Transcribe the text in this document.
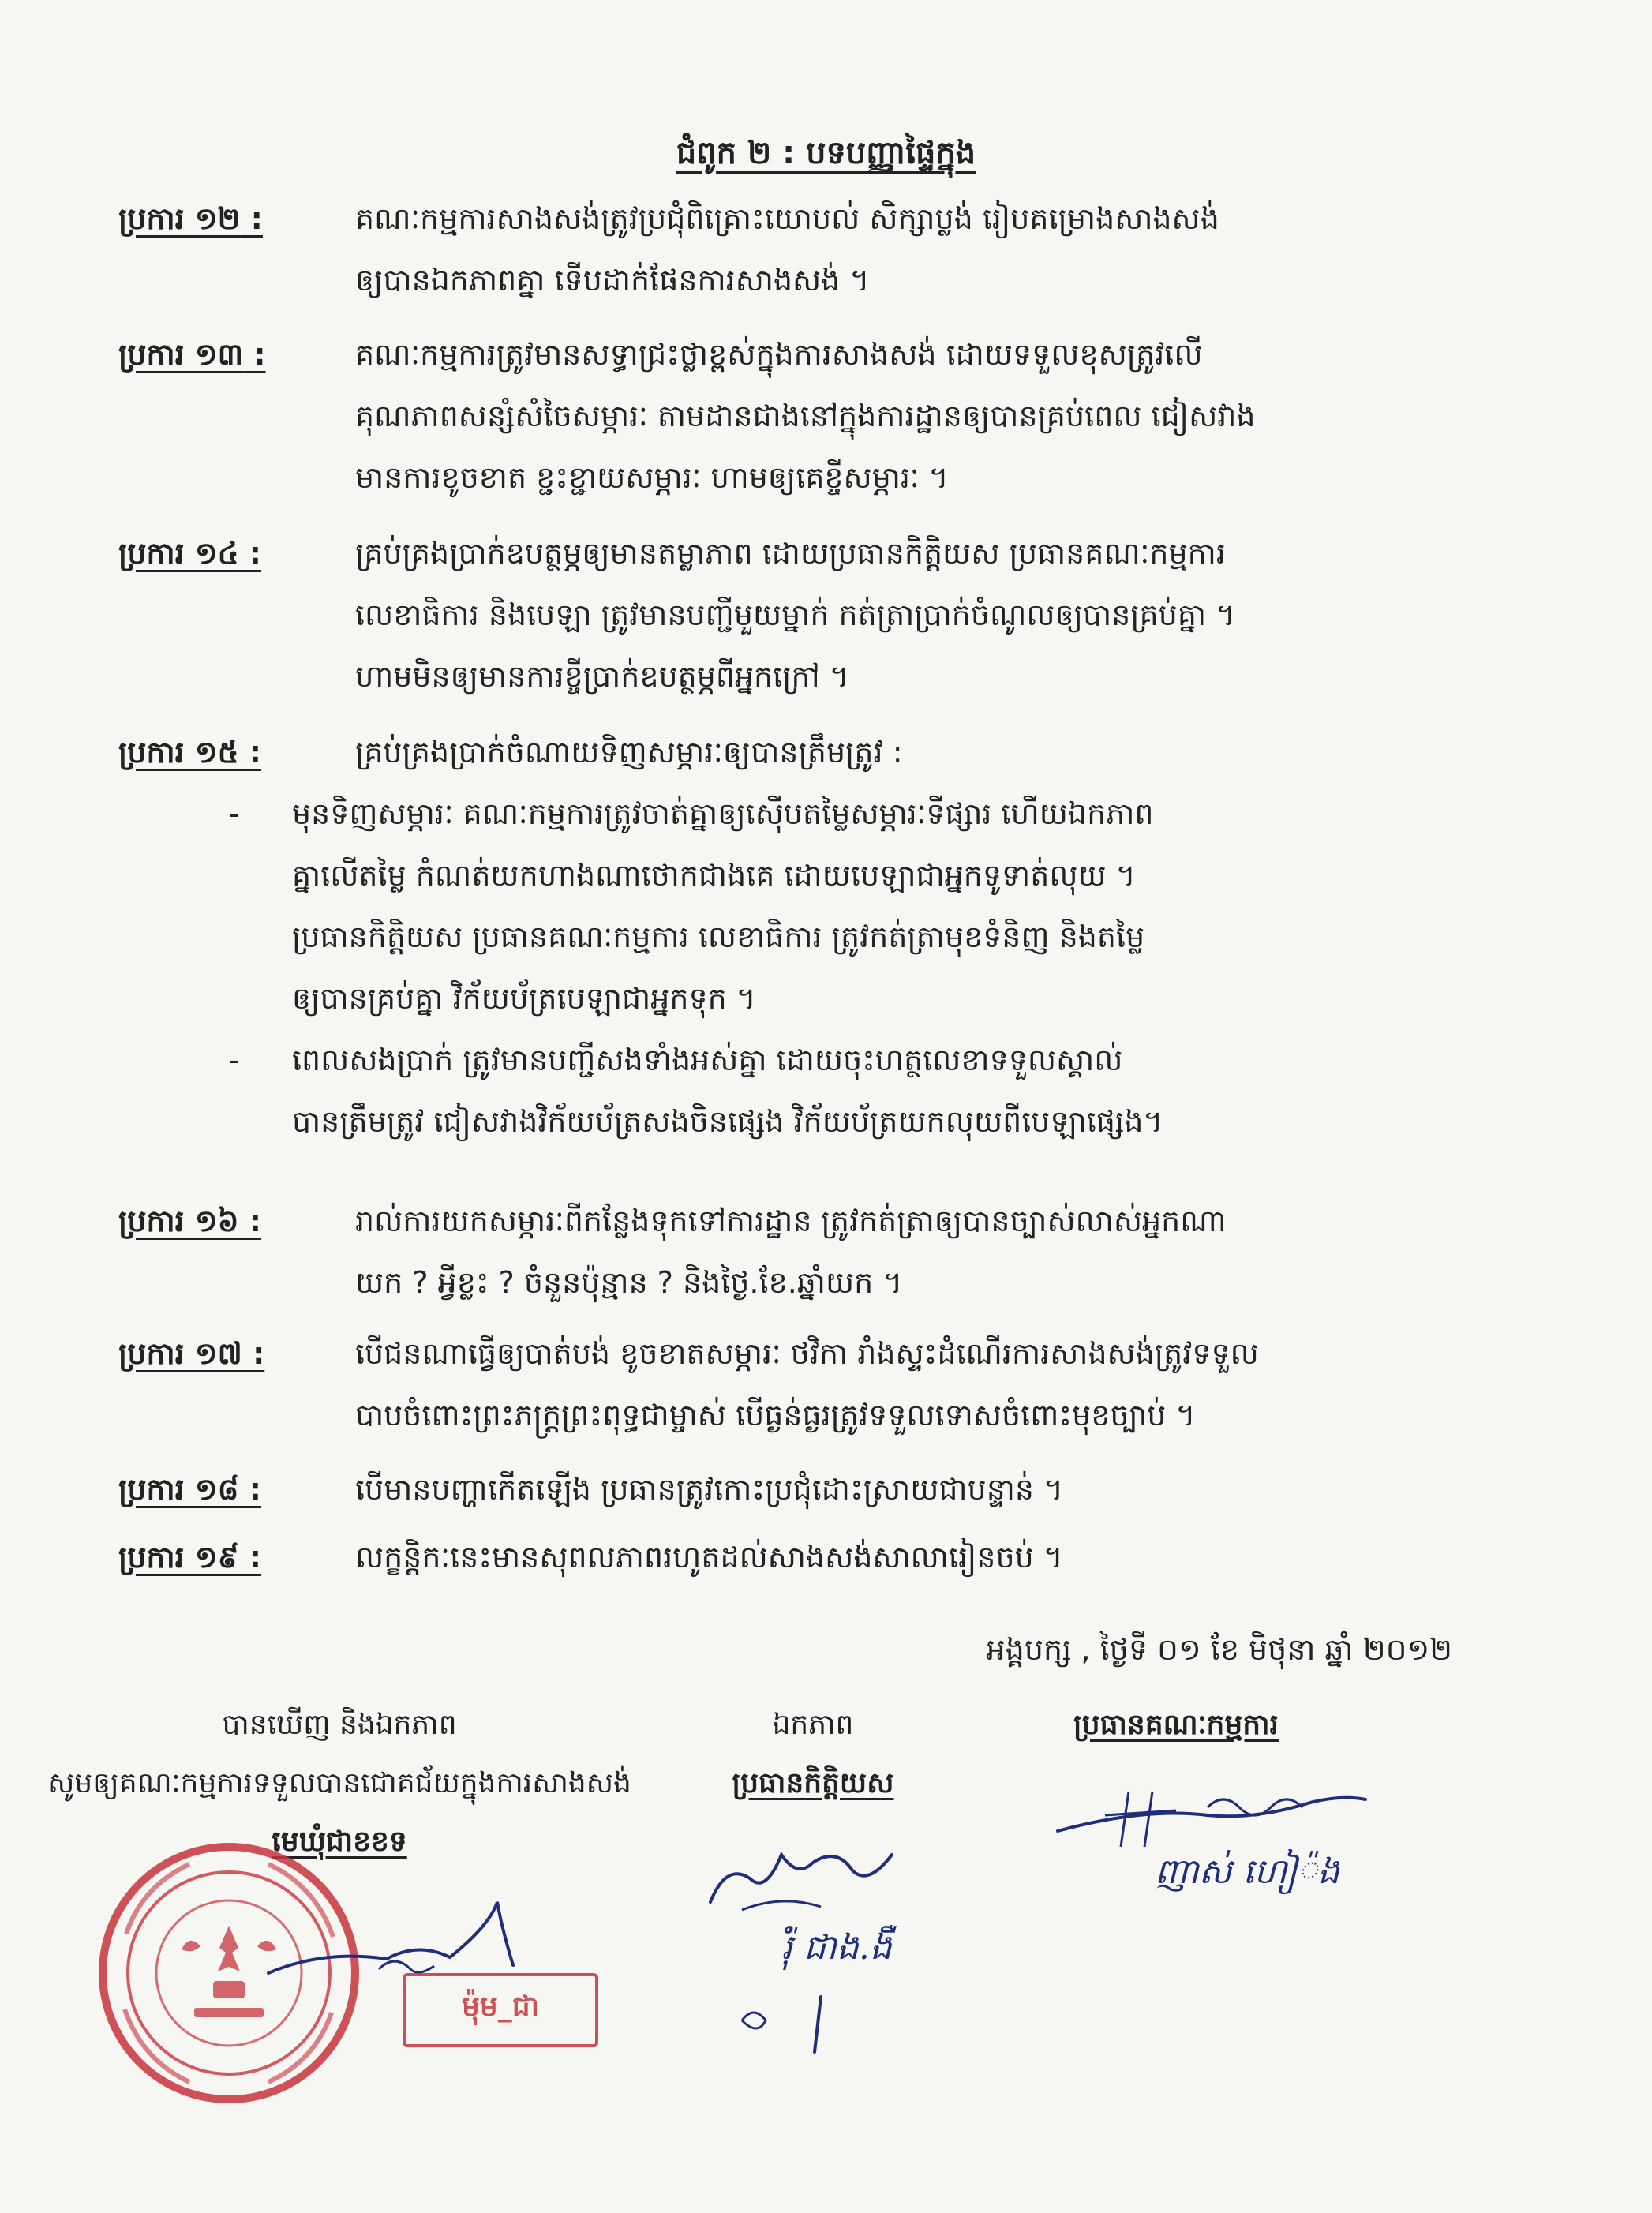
ជំពូក ២ : បទបញ្ញាផ្ទៃក្នុង
ប្រការ ១២ :	គណៈកម្មការសាងសង់ត្រូវប្រជុំពិគ្រោះយោបល់ សិក្សាប្លង់ រៀបគម្រោងសាងសង់
ឲ្យបានឯកភាពគ្នា ទើបដាក់ផែនការសាងសង់ ។
ប្រការ ១៣ :	គណៈកម្មការត្រូវមានសទ្ធាជ្រះថ្លាខ្ពស់ក្នុងការសាងសង់ ដោយទទួលខុសត្រូវលើ
គុណភាពសន្សំសំចៃសម្ភារៈ តាមដានជាងនៅក្នុងការដ្ឋានឲ្យបានគ្រប់ពេល ជៀសវាង
មានការខូចខាត ខ្ជះខ្ជាយសម្ភារៈ ហាមឲ្យគេខ្ចីសម្ភារៈ ។
ប្រការ ១៤ :	គ្រប់គ្រងប្រាក់ឧបត្ថម្ភឲ្យមានតម្លាភាព ដោយប្រធានកិត្តិយស ប្រធានគណៈកម្មការ
លេខាធិការ និងបេឡា ត្រូវមានបញ្ជីមួយម្នាក់ កត់ត្រាប្រាក់ចំណូលឲ្យបានគ្រប់គ្នា ។
ហាមមិនឲ្យមានការខ្ចីប្រាក់ឧបត្ថម្ភពីអ្នកក្រៅ ។
ប្រការ ១៥ :	គ្រប់គ្រងប្រាក់ចំណាយទិញសម្ភារៈឲ្យបានត្រឹមត្រូវ :
- មុនទិញសម្ភារៈ គណៈកម្មការត្រូវចាត់គ្នាឲ្យស៊ើបតម្លៃសម្ភារៈទីផ្សារ ហើយឯកភាព
គ្នាលើតម្លៃ កំណត់យកហាងណាថោកជាងគេ ដោយបេឡាជាអ្នកទូទាត់លុយ ។
ប្រធានកិត្តិយស ប្រធានគណៈកម្មការ លេខាធិការ ត្រូវកត់ត្រាមុខទំនិញ និងតម្លៃ
ឲ្យបានគ្រប់គ្នា វិក័យប័ត្របេឡាជាអ្នកទុក ។
- ពេលសងប្រាក់ ត្រូវមានបញ្ជីសងទាំងអស់គ្នា ដោយចុះហត្ថលេខាទទួលស្គាល់
បានត្រឹមត្រូវ ជៀសវាងវិក័យប័ត្រសងចិនផ្សេង វិក័យប័ត្រយកលុយពីបេឡាផ្សេង។
ប្រការ ១៦ :	រាល់ការយកសម្ភារៈពីកន្លែងទុកទៅការដ្ឋាន ត្រូវកត់ត្រាឲ្យបានច្បាស់លាស់អ្នកណា
យក ? អ្វីខ្លះ ? ចំនួនប៉ុន្មាន ? និងថ្ងៃ.ខែ.ឆ្នាំយក ។
ប្រការ ១៧ :	បើជនណាធ្វើឲ្យបាត់បង់ ខូចខាតសម្ភារៈ ថវិកា រាំងស្ទះដំណើរការសាងសង់ត្រូវទទួល
បាបចំពោះព្រះភក្រ្តព្រះពុទ្ធជាម្ចាស់ បើធ្ងន់ធ្ងរត្រូវទទួលទោសចំពោះមុខច្បាប់ ។
ប្រការ ១៨ :	បើមានបញ្ហាកើតឡើង ប្រធានត្រូវកោះប្រជុំដោះស្រាយជាបន្ទាន់ ។
ប្រការ ១៩ :	លក្ខន្តិកៈនេះមានសុពលភាពរហូតដល់សាងសង់សាលារៀនចប់ ។
អង្គបក្ស , ថ្ងៃទី ០១ ខែ មិថុនា ឆ្នាំ ២០១២
បានឃើញ និងឯកភាព
សូមឲ្យគណៈកម្មការទទួលបានជោគជ័យក្នុងការសាងសង់
មេឃុំជាខខទ
ម៉ុម_ជា
ឯកភាព
ប្រធានកិត្តិយស
រ៉ុំ ជាង.ងឺ
ប្រធានគណៈកម្មការ
ញាស់ ហៀ៉ង
